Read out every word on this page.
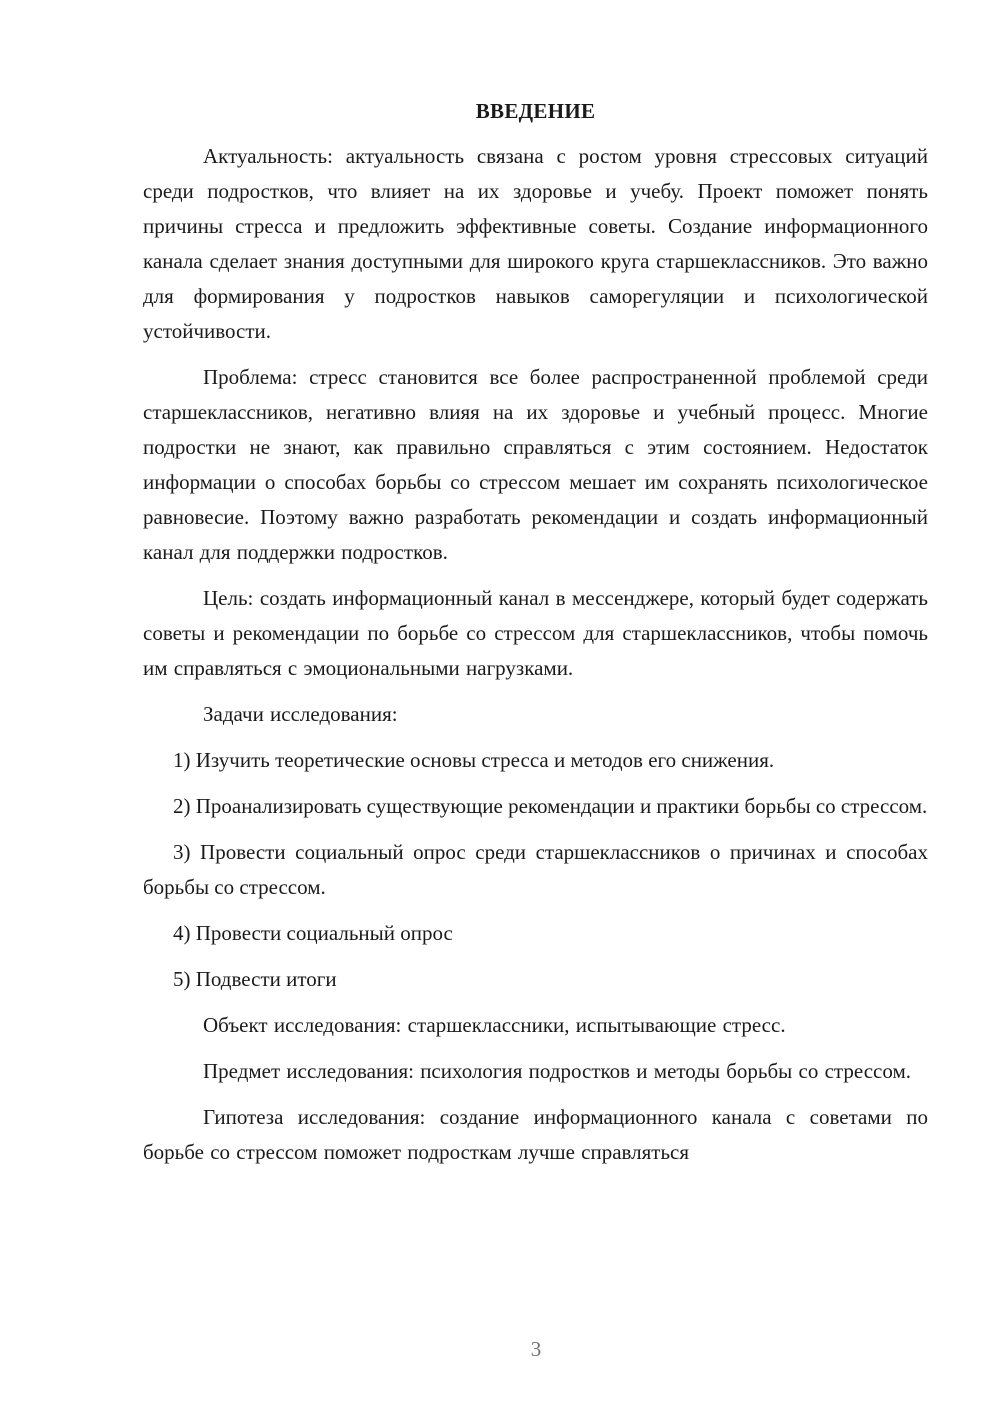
ВВЕДЕНИЕ

Актуальность: актуальность связана с ростом уровня стрессовых ситуаций среди подростков, что влияет на их здоровье и учебу. Проект поможет понять причины стресса и предложить эффективные советы. Создание информационного канала сделает знания доступными для широкого круга старшеклассников. Это важно для формирования у подростков навыков саморегуляции и психологической устойчивости.

Проблема: стресс становится все более распространенной проблемой среди старшеклассников, негативно влияя на их здоровье и учебный процесс. Многие подростки не знают, как правильно справляться с этим состоянием. Недостаток информации о способах борьбы со стрессом мешает им сохранять психологическое равновесие. Поэтому важно разработать рекомендации и создать информационный канал для поддержки подростков.

Цель: создать информационный канал в мессенджере, который будет содержать советы и рекомендации по борьбе со стрессом для старшеклассников, чтобы помочь им справляться с эмоциональными нагрузками.

Задачи исследования:

1) Изучить теоретические основы стресса и методов его снижения.

2) Проанализировать существующие рекомендации и практики борьбы со стрессом.

3) Провести социальный опрос среди старшеклассников о причинах и способах борьбы со стрессом.

4) Провести социальный опрос

5) Подвести итоги

Объект исследования: старшеклассники, испытывающие стресс.

Предмет исследования: психология подростков и методы борьбы со стрессом.

Гипотеза исследования: создание информационного канала с советами по борьбе со стрессом поможет подросткам лучше справляться

3
